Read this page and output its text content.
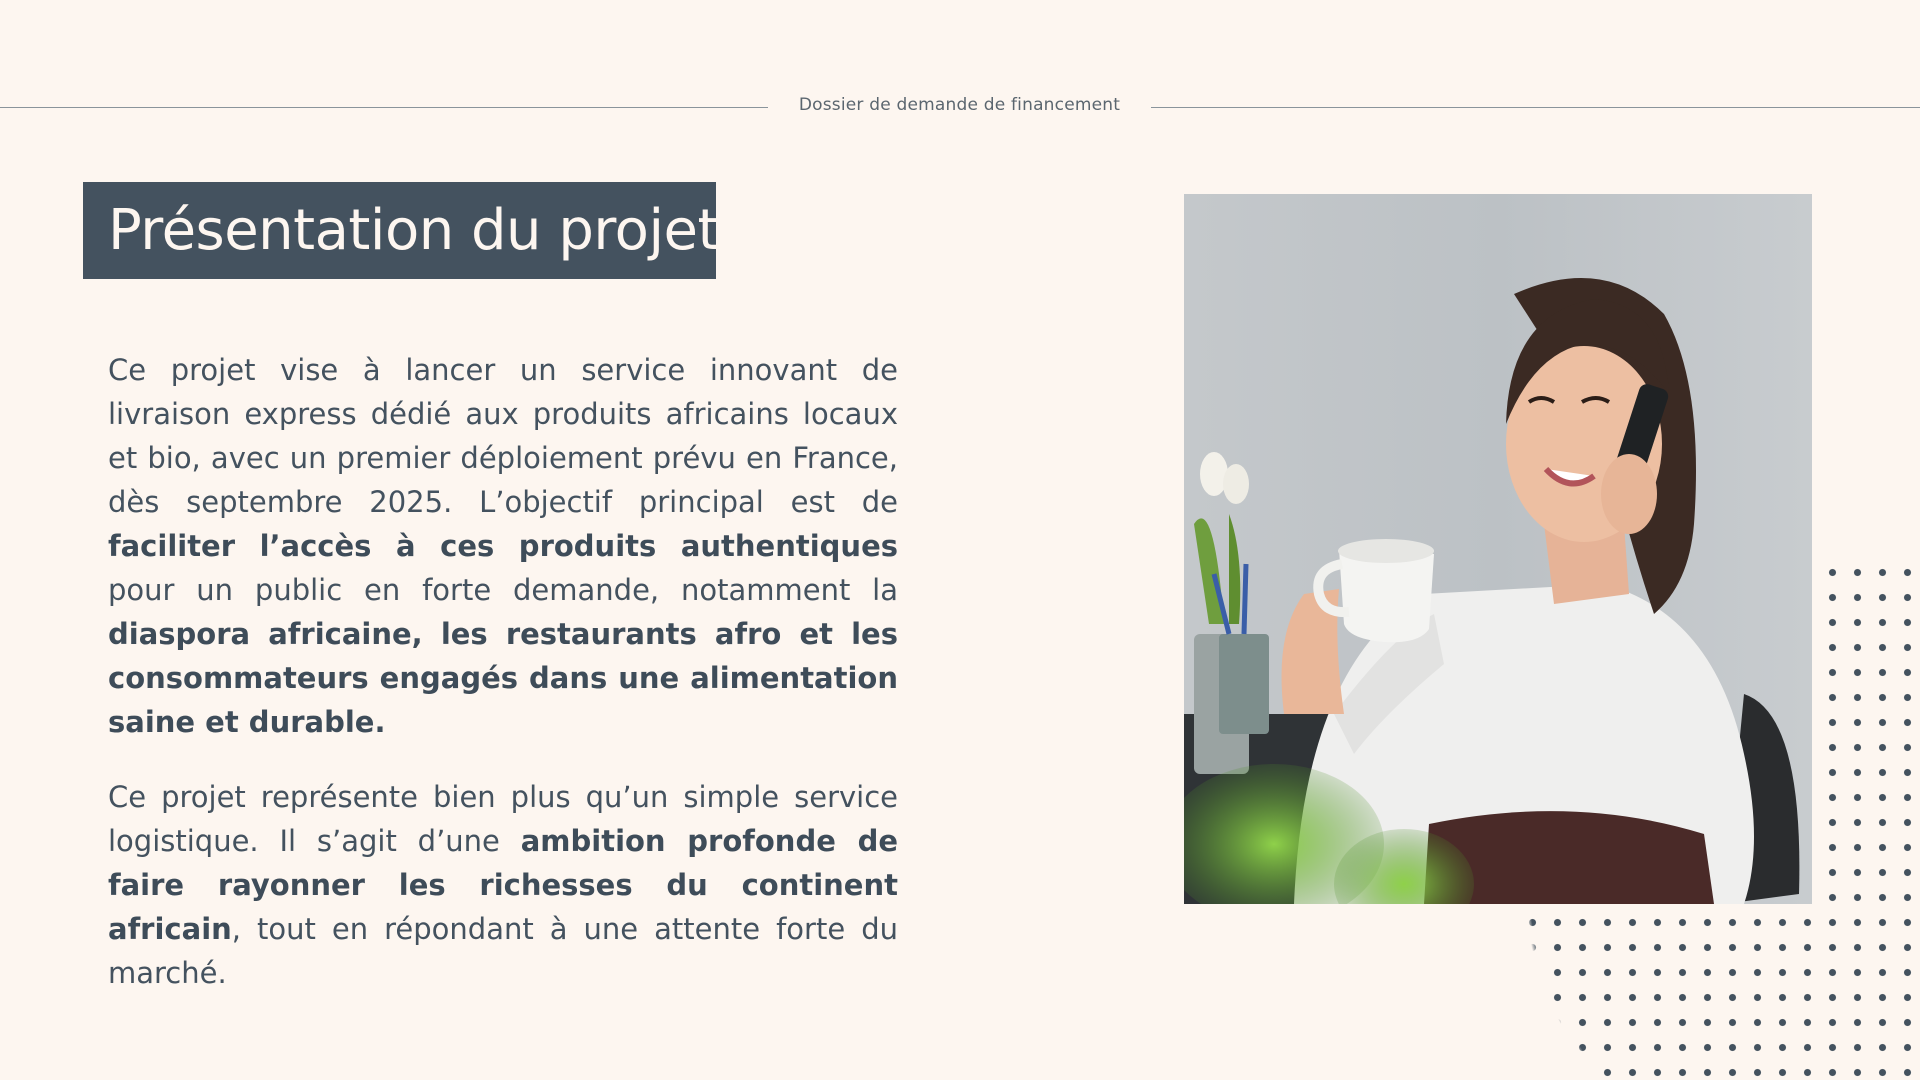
Dossier de demande de financement
Présentation du projet

Ce projet vise à lancer un service innovant de livraison express dédié aux produits africains locaux et bio, avec un premier déploiement prévu en France, dès septembre 2025. L’objectif principal est de faciliter l’accès à ces produits authentiques pour un public en forte demande, notamment la diaspora africaine, les restaurants afro et les consommateurs engagés dans une alimentation saine et durable.

Ce projet représente bien plus qu’un simple service logistique. Il s’agit d’une ambition profonde de faire rayonner les richesses du continent africain, tout en répondant à une attente forte du marché.
